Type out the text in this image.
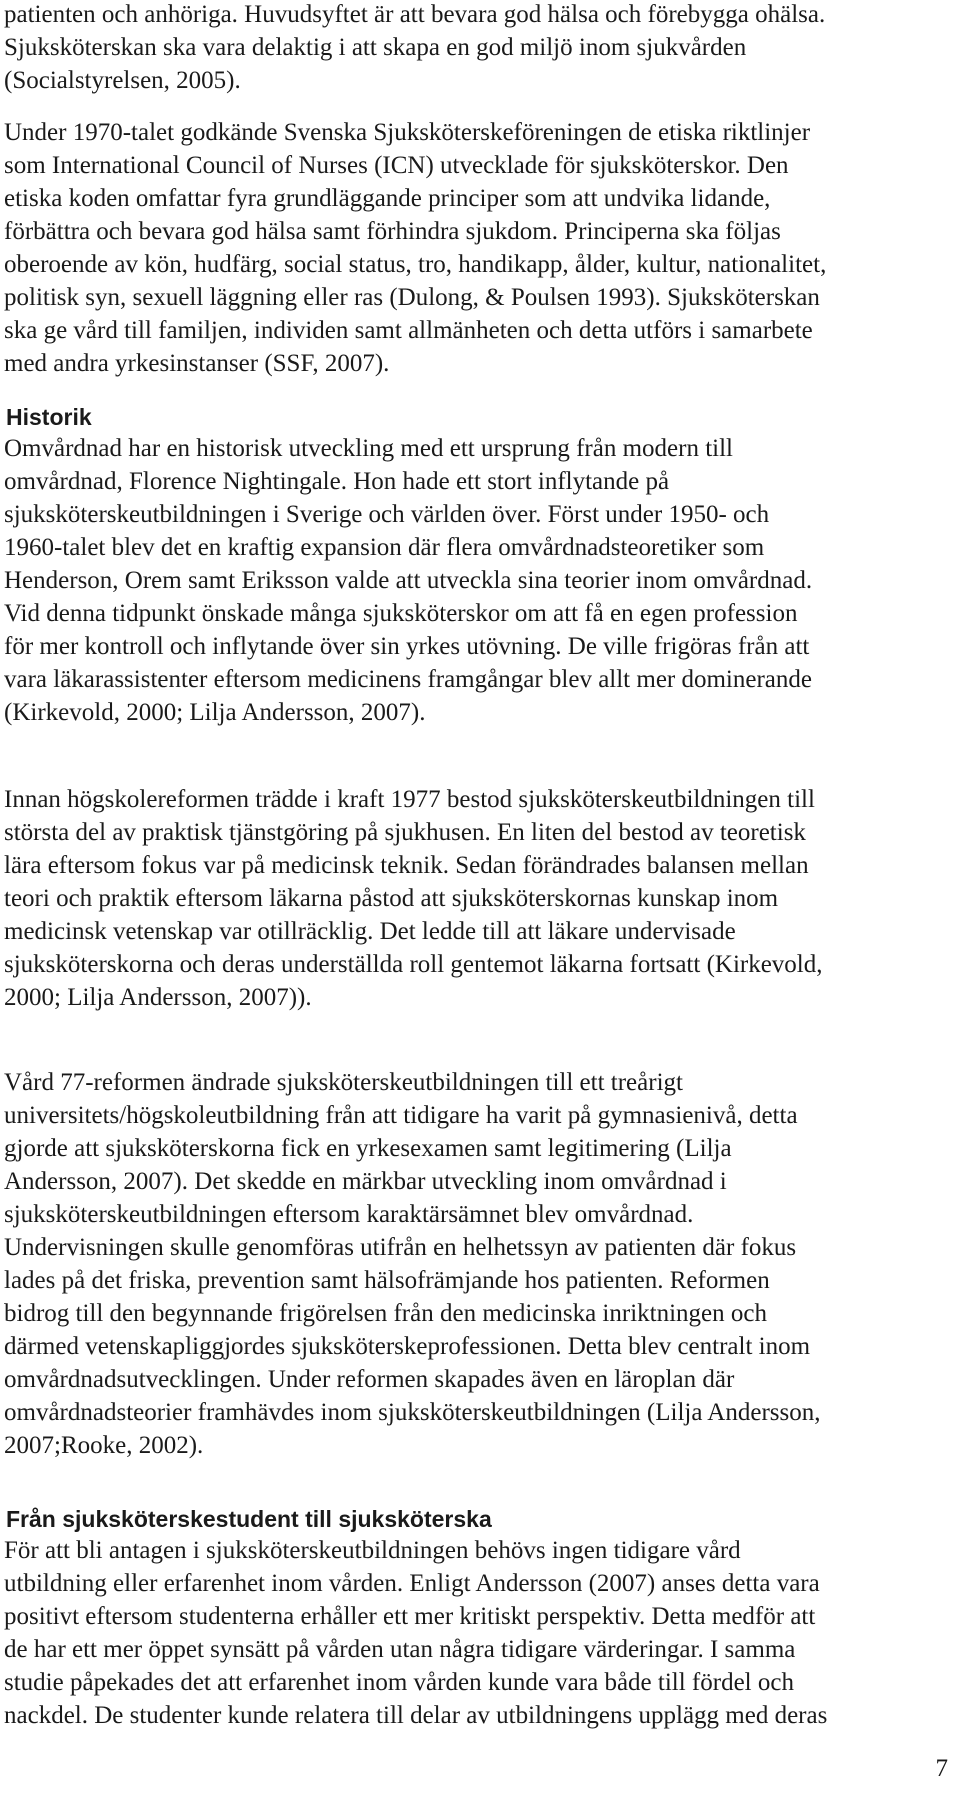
patienten och anhöriga. Huvudsyftet är att bevara god hälsa och förebygga ohälsa.
Sjuksköterskan ska vara delaktig i att skapa en god miljö inom sjukvården
(Socialstyrelsen, 2005).
Under 1970-talet godkände Svenska Sjuksköterskeföreningen de etiska riktlinjer
som International Council of Nurses (ICN) utvecklade för sjuksköterskor. Den
etiska koden omfattar fyra grundläggande principer som att undvika lidande,
förbättra och bevara god hälsa samt förhindra sjukdom. Principerna ska följas
oberoende av kön, hudfärg, social status, tro, handikapp, ålder, kultur, nationalitet,
politisk syn, sexuell läggning eller ras (Dulong, & Poulsen 1993). Sjuksköterskan
ska ge vård till familjen, individen samt allmänheten och detta utförs i samarbete
med andra yrkesinstanser (SSF, 2007).
Historik
Omvårdnad har en historisk utveckling med ett ursprung från modern till
omvårdnad, Florence Nightingale. Hon hade ett stort inflytande på
sjuksköterskeutbildningen i Sverige och världen över. Först under 1950- och
1960-talet blev det en kraftig expansion där flera omvårdnadsteoretiker som
Henderson, Orem samt Eriksson valde att utveckla sina teorier inom omvårdnad.
Vid denna tidpunkt önskade många sjuksköterskor om att få en egen profession
för mer kontroll och inflytande över sin yrkes utövning. De ville frigöras från att
vara läkarassistenter eftersom medicinens framgångar blev allt mer dominerande
(Kirkevold, 2000; Lilja Andersson, 2007).
Innan högskolereformen trädde i kraft 1977 bestod sjuksköterskeutbildningen till
största del av praktisk tjänstgöring på sjukhusen. En liten del bestod av teoretisk
lära eftersom fokus var på medicinsk teknik. Sedan förändrades balansen mellan
teori och praktik eftersom läkarna påstod att sjuksköterskornas kunskap inom
medicinsk vetenskap var otillräcklig. Det ledde till att läkare undervisade
sjuksköterskorna och deras underställda roll gentemot läkarna fortsatt (Kirkevold,
2000; Lilja Andersson, 2007)).
Vård 77-reformen ändrade sjuksköterskeutbildningen till ett treårigt
universitets/högskoleutbildning från att tidigare ha varit på gymnasienivå, detta
gjorde att sjuksköterskorna fick en yrkesexamen samt legitimering (Lilja
Andersson, 2007). Det skedde en märkbar utveckling inom omvårdnad i
sjuksköterskeutbildningen eftersom karaktärsämnet blev omvårdnad.
Undervisningen skulle genomföras utifrån en helhetssyn av patienten där fokus
lades på det friska, prevention samt hälsofrämjande hos patienten. Reformen
bidrog till den begynnande frigörelsen från den medicinska inriktningen och
därmed vetenskapliggjordes sjuksköterskeprofessionen. Detta blev centralt inom
omvårdnadsutvecklingen. Under reformen skapades även en läroplan där
omvårdnadsteorier framhävdes inom sjuksköterskeutbildningen (Lilja Andersson,
2007;Rooke, 2002).
Från sjuksköterskestudent till sjuksköterska
För att bli antagen i sjuksköterskeutbildningen behövs ingen tidigare vård
utbildning eller erfarenhet inom vården. Enligt Andersson (2007) anses detta vara
positivt eftersom studenterna erhåller ett mer kritiskt perspektiv. Detta medför att
de har ett mer öppet synsätt på vården utan några tidigare värderingar. I samma
studie påpekades det att erfarenhet inom vården kunde vara både till fördel och
nackdel. De studenter kunde relatera till delar av utbildningens upplägg med deras
7
